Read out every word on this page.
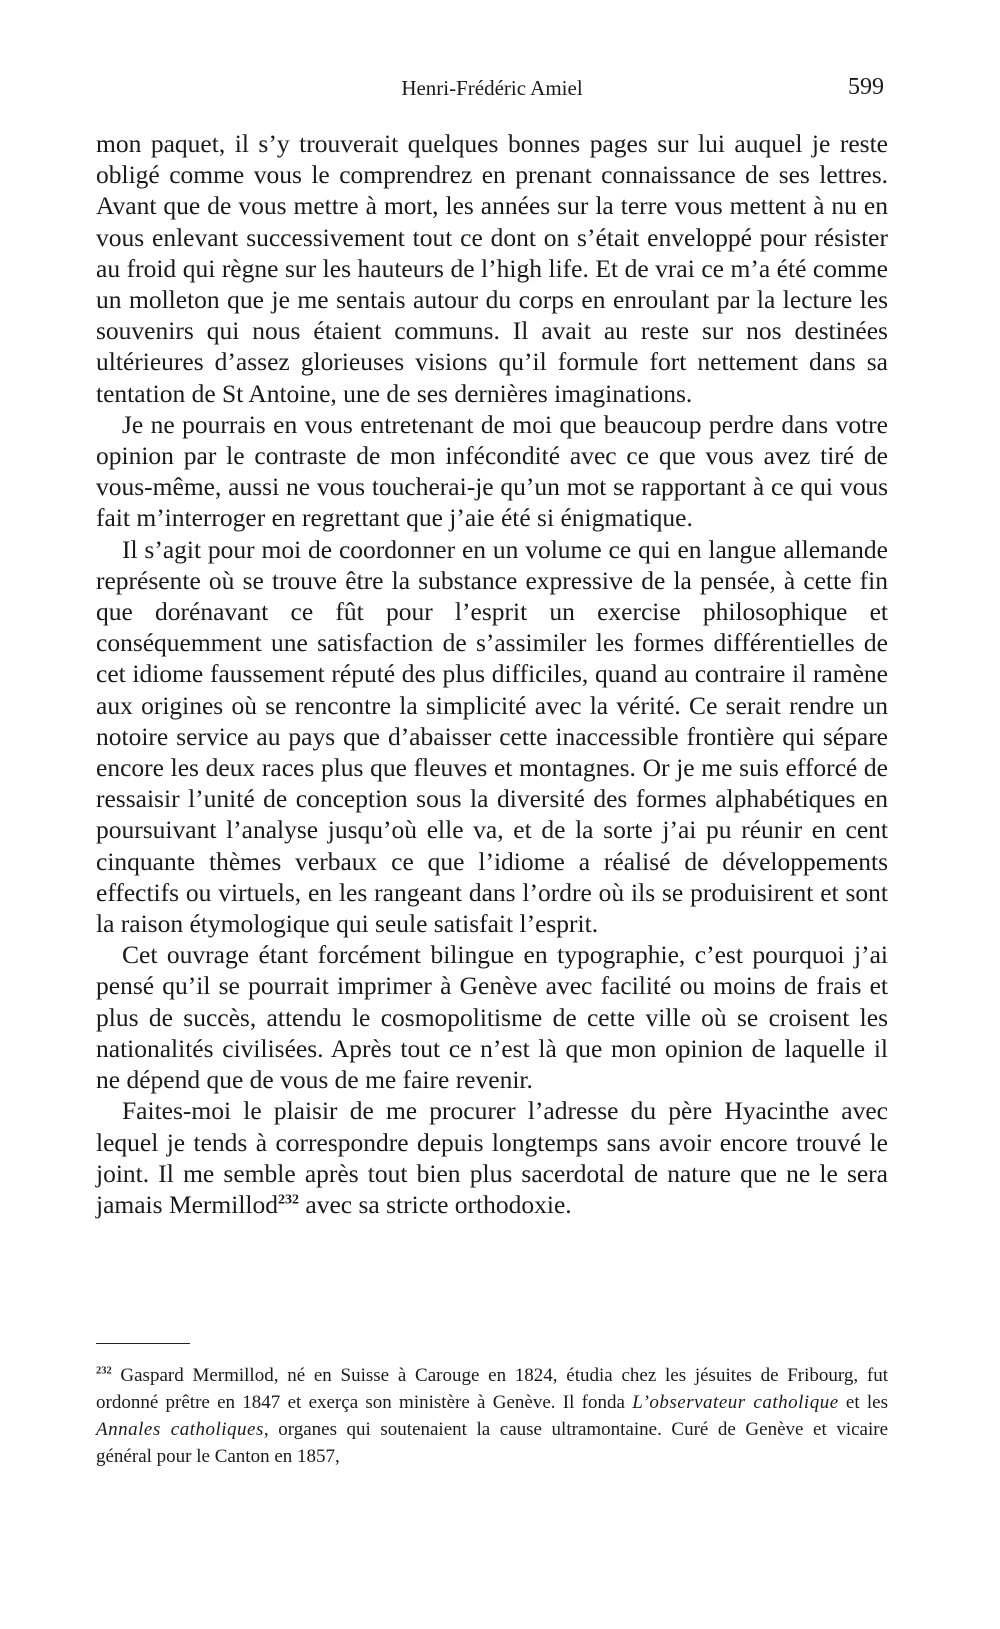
Henri-Frédéric Amiel	599

mon paquet, il s’y trouverait quelques bonnes pages sur lui auquel je reste obligé comme vous le comprendrez en prenant connaissance de ses lettres. Avant que de vous mettre à mort, les années sur la terre vous mettent à nu en vous enlevant successivement tout ce dont on s’était enveloppé pour résister au froid qui règne sur les hauteurs de l’high life. Et de vrai ce m’a été comme un molleton que je me sentais autour du corps en enroulant par la lecture les souvenirs qui nous étaient communs. Il avait au reste sur nos destinées ultérieures d’assez glorieuses visions qu’il formule fort nettement dans sa tentation de St Antoine, une de ses dernières imaginations.

Je ne pourrais en vous entretenant de moi que beaucoup perdre dans votre opinion par le contraste de mon infécondité avec ce que vous avez tiré de vous-même, aussi ne vous toucherai-je qu’un mot se rapportant à ce qui vous fait m’interroger en regrettant que j’aie été si énigmatique.

Il s’agit pour moi de coordonner en un volume ce qui en langue allemande représente où se trouve être la substance expressive de la pensée, à cette fin que dorénavant ce fût pour l’esprit un exercise philosophique et conséquemment une satisfaction de s’assimiler les formes différentielles de cet idiome faussement réputé des plus difficiles, quand au contraire il ramène aux origines où se rencontre la simplicité avec la vérité. Ce serait rendre un notoire service au pays que d’abaisser cette inaccessible frontière qui sépare encore les deux races plus que fleuves et montagnes. Or je me suis efforcé de ressaisir l’unité de conception sous la diversité des formes alphabétiques en poursuivant l’analyse jusqu’où elle va, et de la sorte j’ai pu réunir en cent cinquante thèmes verbaux ce que l’idiome a réalisé de développements effectifs ou virtuels, en les rangeant dans l’ordre où ils se produisirent et sont la raison étymologique qui seule satisfait l’esprit.

Cet ouvrage étant forcément bilingue en typographie, c’est pourquoi j’ai pensé qu’il se pourrait imprimer à Genève avec facilité ou moins de frais et plus de succès, attendu le cosmopolitisme de cette ville où se croisent les nationalités civilisées. Après tout ce n’est là que mon opinion de laquelle il ne dépend que de vous de me faire revenir.

Faites-moi le plaisir de me procurer l’adresse du père Hyacinthe avec lequel je tends à correspondre depuis longtemps sans avoir encore trouvé le joint. Il me semble après tout bien plus sacerdotal de nature que ne le sera jamais Mermillod$^{232}$ avec sa stricte orthodoxie.

$^{232}$ Gaspard Mermillod, né en Suisse à Carouge en 1824, étudia chez les jésuites de Fribourg, fut ordonné prêtre en 1847 et exerça son ministère à Genève. Il fonda L’observateur catholique et les Annales catholiques, organes qui soutenaient la cause ultramontaine. Curé de Genève et vicaire général pour le Canton en 1857,
